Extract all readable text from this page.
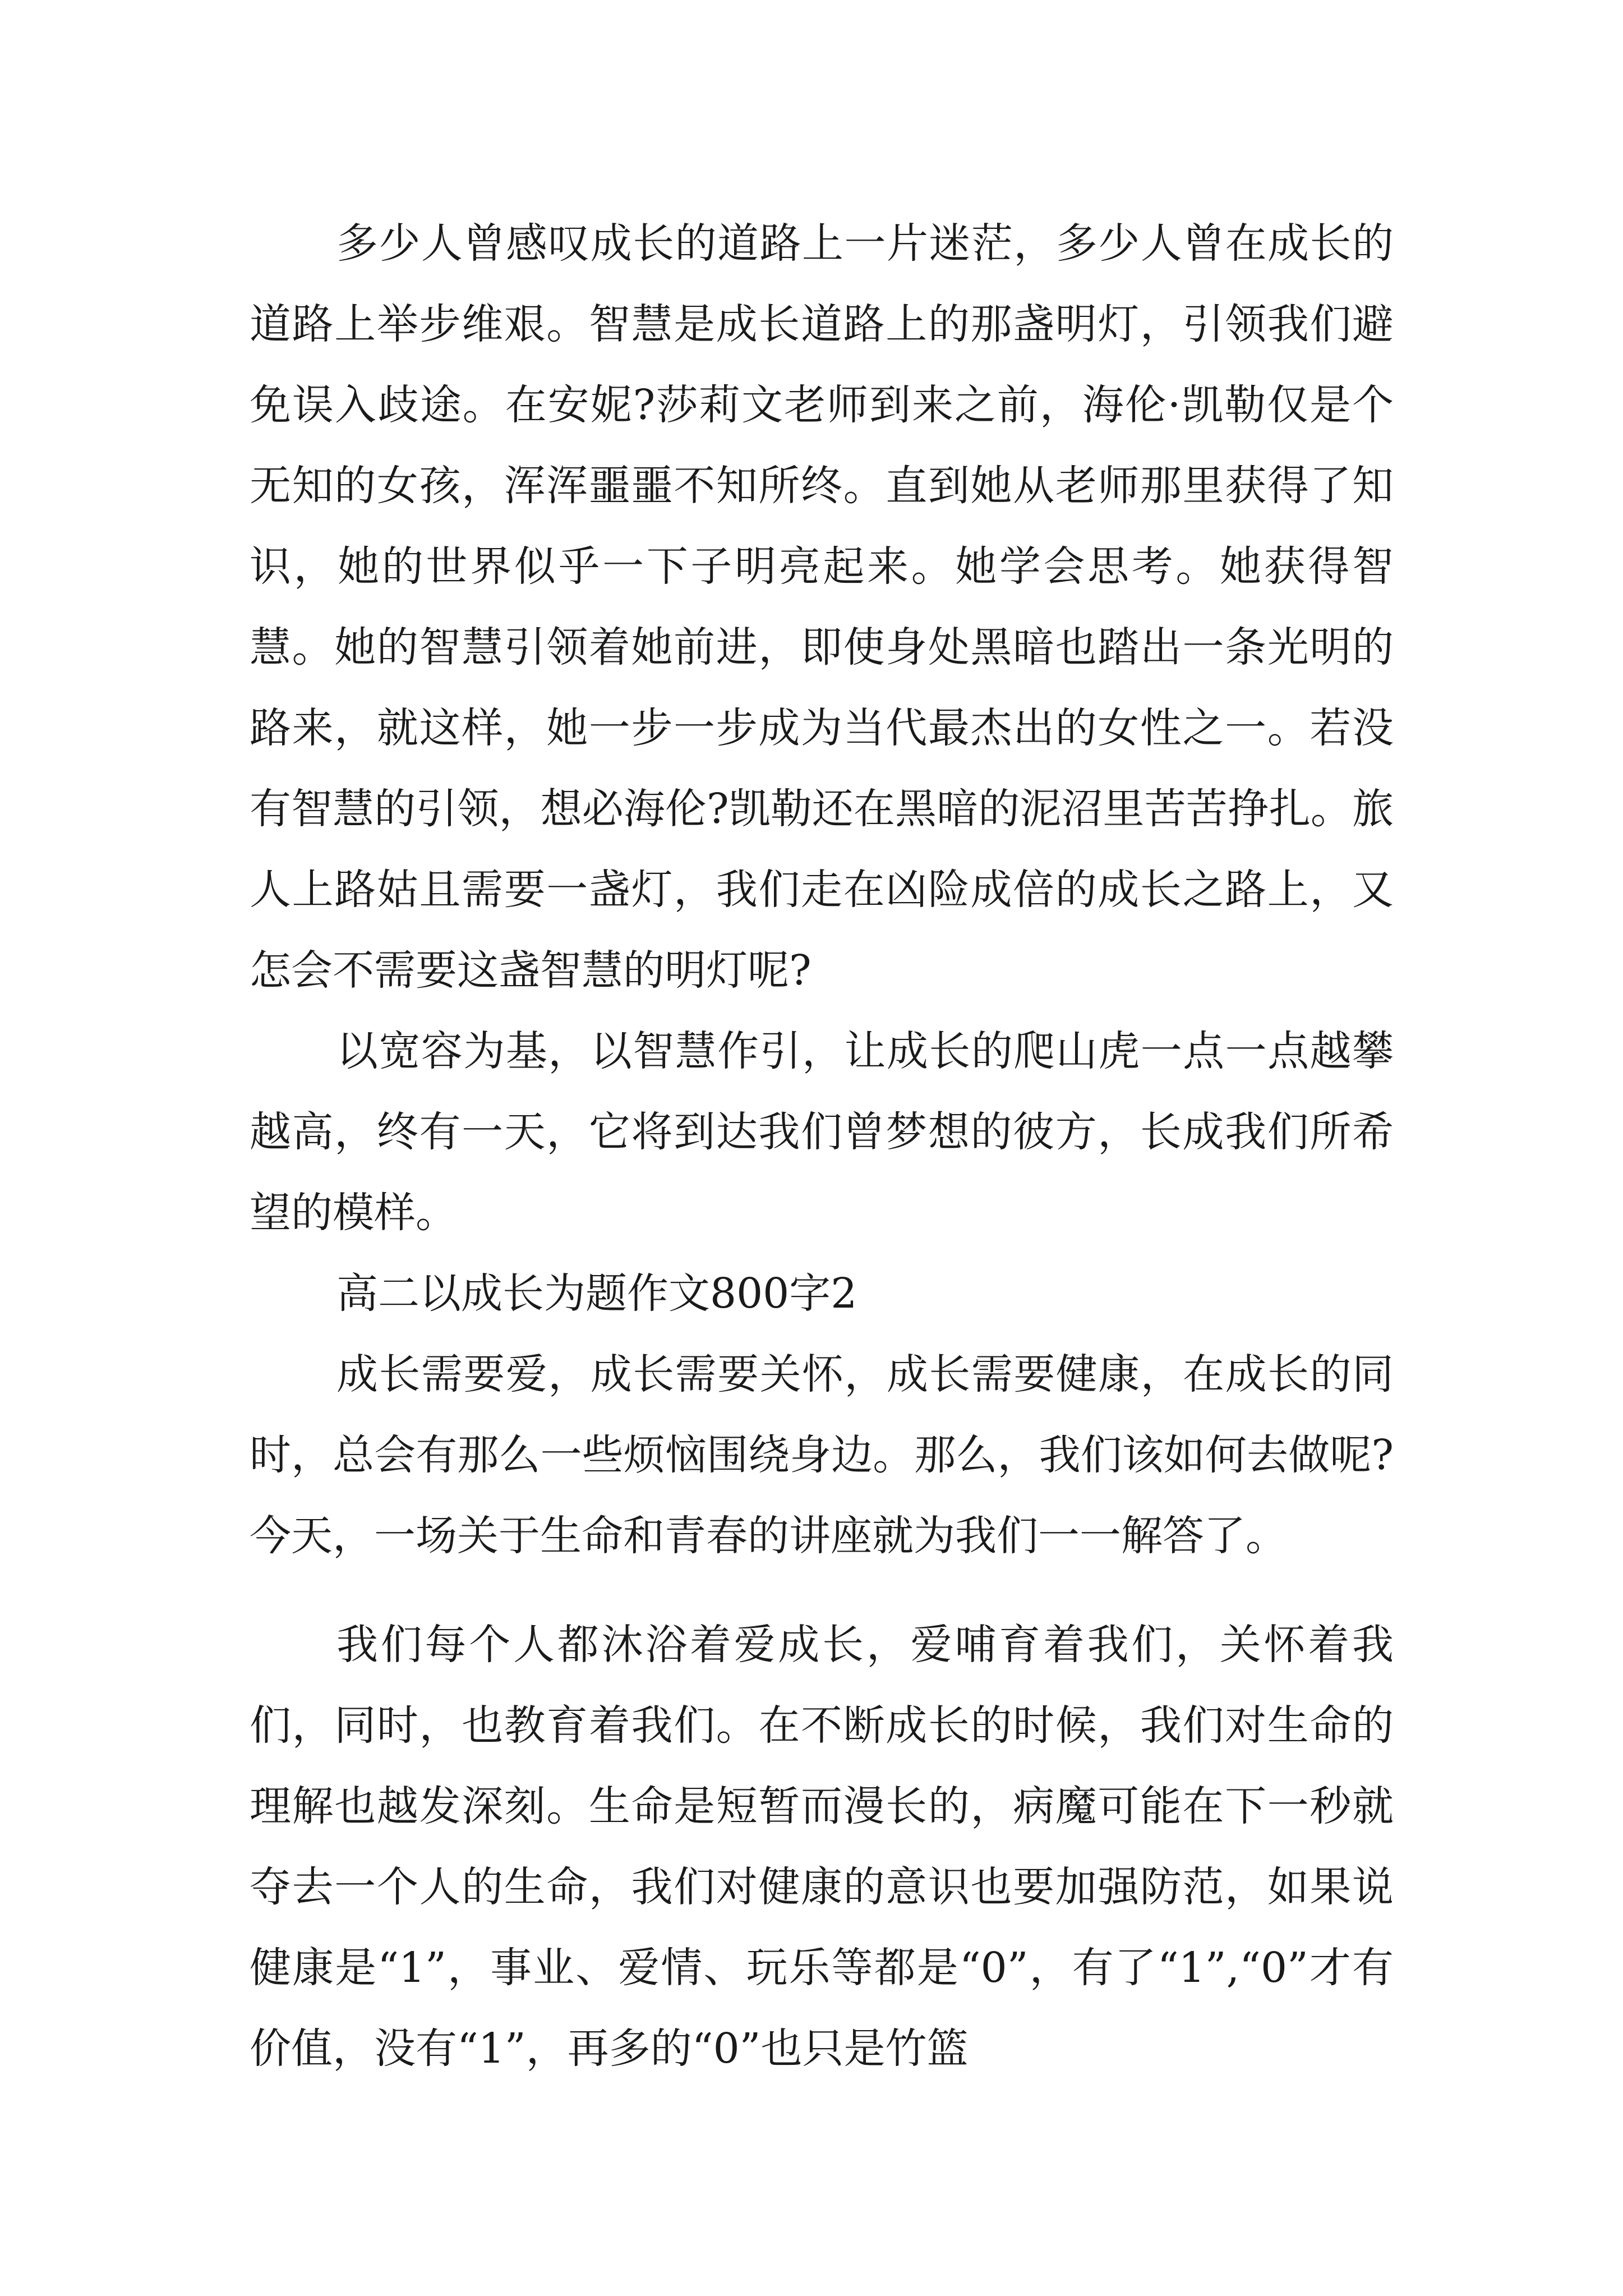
多少人曾感叹成长的道路上一片迷茫，多少人曾在成长的道路上举步维艰。智慧是成长道路上的那盏明灯，引领我们避免误入歧途。在安妮?莎莉文老师到来之前，海伦·凯勒仅是个无知的女孩，浑浑噩噩不知所终。直到她从老师那里获得了知识，她的世界似乎一下子明亮起来。她学会思考。她获得智慧。她的智慧引领着她前进，即使身处黑暗也踏出一条光明的路来，就这样，她一步一步成为当代最杰出的女性之一。若没有智慧的引领，想必海伦?凯勒还在黑暗的泥沼里苦苦挣扎。旅人上路姑且需要一盏灯，我们走在凶险成倍的成长之路上，又怎会不需要这盏智慧的明灯呢?

以宽容为基，以智慧作引，让成长的爬山虎一点一点越攀越高，终有一天，它将到达我们曾梦想的彼方，长成我们所希望的模样。

高二以成长为题作文800字2

成长需要爱，成长需要关怀，成长需要健康，在成长的同时，总会有那么一些烦恼围绕身边。那么，我们该如何去做呢?今天，一场关于生命和青春的讲座就为我们一一解答了。

我们每个人都沐浴着爱成长，爱哺育着我们，关怀着我们，同时，也教育着我们。在不断成长的时候，我们对生命的理解也越发深刻。生命是短暂而漫长的，病魔可能在下一秒就夺去一个人的生命，我们对健康的意识也要加强防范，如果说健康是“1”，事业、爱情、玩乐等都是“0”，有了“1”,“0”才有价值，没有“1”，再多的“0”也只是竹篮
